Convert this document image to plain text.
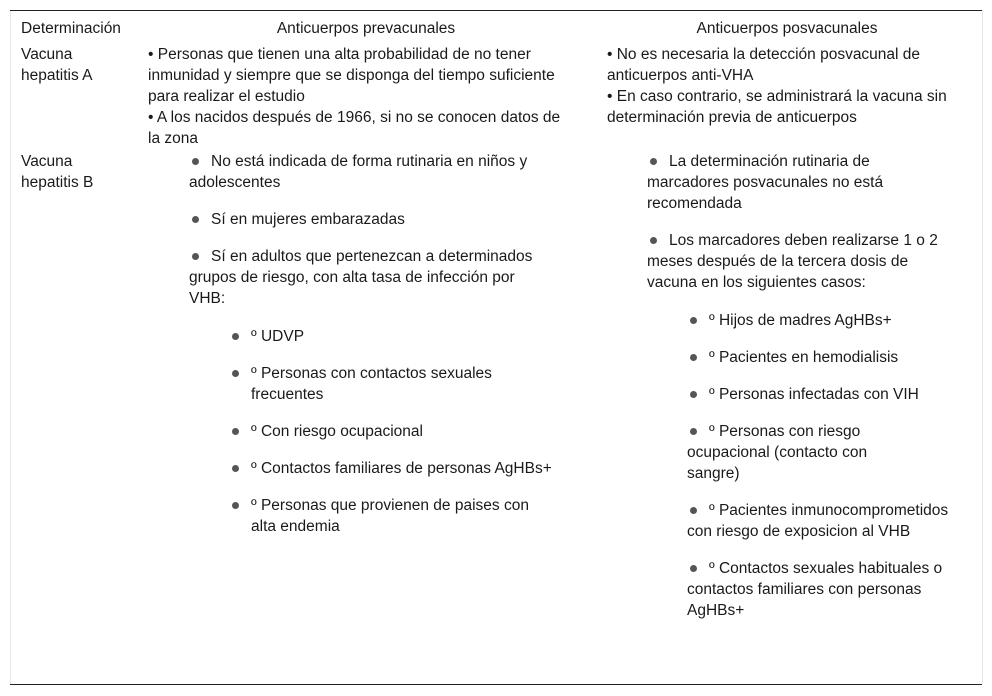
Determinación	Anticuerpos prevacunales	Anticuerpos posvacunales
Vacuna hepatitis A

• Personas que tienen una alta probabilidad de no tener inmunidad y siempre que se disponga del tiempo suficiente para realizar el estudio

• A los nacidos después de 1966, si no se conocen datos de la zona

• No es necesaria la detección posvacunal de anticuerpos anti-VHA

• En caso contrario, se administrará la vacuna sin determinación previa de anticuerpos

Vacuna hepatitis B
No está indicada de forma rutinaria en niños y adolescentes
Sí en mujeres embarazadas
Sí en adultos que pertenezcan a determinados grupos de riesgo, con alta tasa de infección por VHB:
º UDVP
º Personas con contactos sexuales frecuentes
º Con riesgo ocupacional
º Contactos familiares de personas AgHBs+
º Personas que provienen de paises con alta endemia
La determinación rutinaria de marcadores posvacunales no está recomendada
Los marcadores deben realizarse 1 o 2 meses después de la tercera dosis de vacuna en los siguientes casos:
º Hijos de madres AgHBs+
º Pacientes en hemodialisis
º Personas infectadas con VIH
º Personas con riesgo ocupacional (contacto con sangre)
º Pacientes inmunocomprometidos con riesgo de exposicion al VHB
º Contactos sexuales habituales o contactos familiares con personas AgHBs+
